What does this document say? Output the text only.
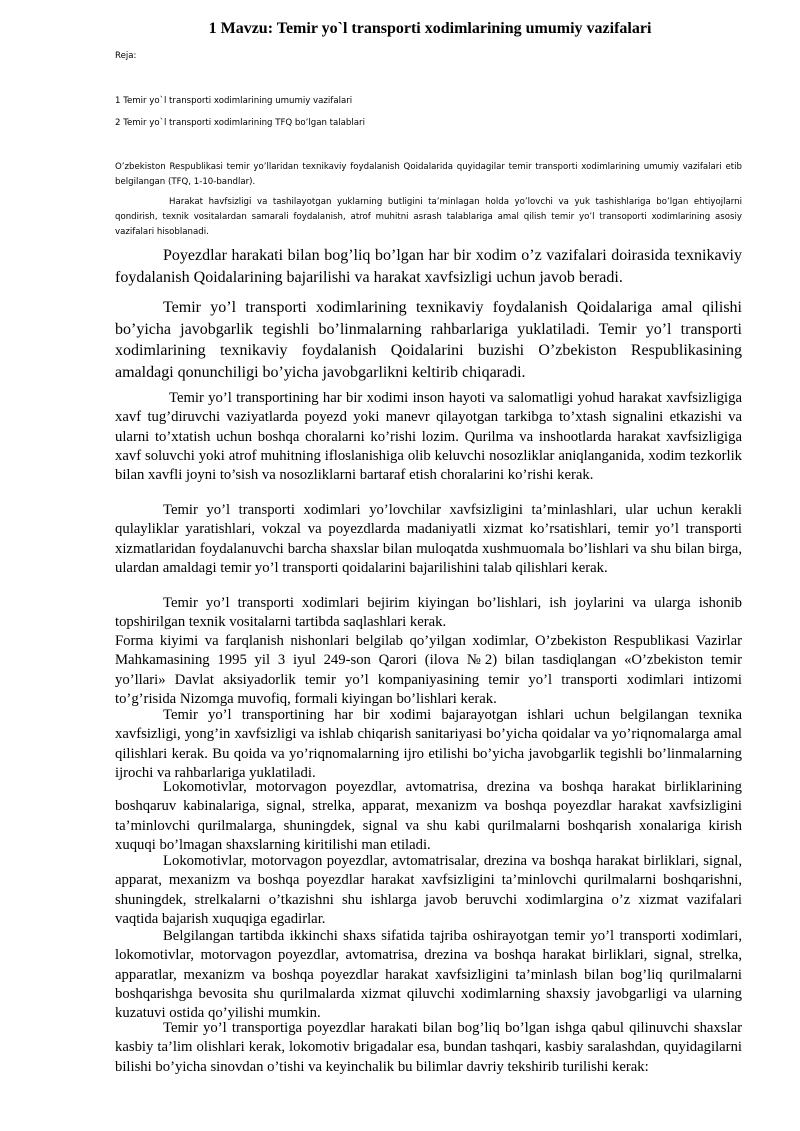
1 Mavzu: Temir yo`l transporti xodimlarining umumiy vazifalari
Reja:
1 Temir yo`l transporti xodimlarining umumiy vazifalari
2 Temir yo`l transporti xodimlarining TFQ bo’lgan talablari
O’zbekiston Respublikasi temir yo’llaridan texnikaviy foydalanish Qoidalarida quyidagilar temir transporti xodimlarining umumiy vazifalari etib belgilangan (TFQ, 1-10-bandlar).
Harakat havfsizligi va tashilayotgan yuklarning butligini ta’minlagan holda yo’lovchi va yuk tashishlariga bo’lgan ehtiyojlarni qondirish, texnik vositalardan samarali foydalanish, atrof muhitni asrash talablariga amal qilish temir yo’l transoporti xodimlarining asosiy vazifalari hisoblanadi.
Poyezdlar harakati bilan bog’liq bo’lgan har bir xodim o’z vazifalari doirasida texnikaviy foydalanish Qoidalarining bajarilishi va harakat xavfsizligi uchun javob beradi.
Temir yo’l transporti xodimlarining texnikaviy foydalanish Qoidalariga amal qilishi bo’yicha javobgarlik tegishli bo’linmalarning rahbarlariga yuklatiladi. Temir yo’l transporti xodimlarining texnikaviy foydalanish Qoidalarini buzishi O’zbekiston Respublikasining amaldagi qonunchiligi bo’yicha javobgarlikni keltirib chiqaradi.
Temir yo’l transportining har bir xodimi inson hayoti va salomatligi yohud harakat xavfsizligiga xavf tug’diruvchi vaziyatlarda poyezd yoki manevr qilayotgan tarkibga to’xtash signalini etkazishi va ularni to’xtatish uchun boshqa choralarni ko’rishi lozim. Qurilma va inshootlarda harakat xavfsizligiga xavf soluvchi yoki atrof muhitning ifloslanishiga olib keluvchi nosozliklar aniqlanganida, xodim tezkorlik bilan xavfli joyni to’sish va nosozliklarni bartaraf etish choralarini ko’rishi kerak.
Temir yo’l transporti xodimlari yo’lovchilar xavfsizligini ta’minlashlari, ular uchun kerakli qulayliklar yaratishlari, vokzal va poyezdlarda madaniyatli xizmat ko’rsatishlari, temir yo’l transporti xizmatlaridan foydalanuvchi barcha shaxslar bilan muloqatda xushmuomala bo’lishlari va shu bilan birga, ulardan amaldagi temir yo’l transporti qoidalarini bajarilishini talab qilishlari kerak.
Temir yo’l transporti xodimlari bejirim kiyingan bo’lishlari, ish joylarini va ularga ishonib topshirilgan texnik vositalarni tartibda saqlashlari kerak.
Forma kiyimi va farqlanish nishonlari belgilab qo’yilgan xodimlar, O’zbekiston Respublikasi Vazirlar Mahkamasining 1995 yil 3 iyul 249-son Qarori (ilova №2) bilan tasdiqlangan «O’zbekiston temir yo’llari» Davlat aksiyadorlik temir yo’l kompaniyasining temir yo’l transporti xodimlari intizomi to’g’risida Nizomga muvofiq, formali kiyingan bo’lishlari kerak.
Temir yo’l transportining har bir xodimi bajarayotgan ishlari uchun belgilangan texnika xavfsizligi, yong’in xavfsizligi va ishlab chiqarish sanitariyasi bo’yicha qoidalar va yo’riqnomalarga amal qilishlari kerak. Bu qoida va yo’riqnomalarning ijro etilishi bo’yicha javobgarlik tegishli bo’linmalarning ijrochi va rahbarlariga yuklatiladi.
Lokomotivlar, motorvagon poyezdlar, avtomatrisa, drezina va boshqa harakat birliklarining boshqaruv kabinalariga, signal, strelka, apparat, mexanizm va boshqa poyezdlar harakat xavfsizligini ta’minlovchi qurilmalarga, shuningdek, signal va shu kabi qurilmalarni boshqarish xonalariga kirish xuquqi bo’lmagan shaxslarning kiritilishi man etiladi.
Lokomotivlar, motorvagon poyezdlar, avtomatrisalar, drezina va boshqa harakat birliklari, signal, apparat, mexanizm va boshqa poyezdlar harakat xavfsizligini ta’minlovchi qurilmalarni boshqarishni, shuningdek, strelkalarni o’tkazishni shu ishlarga javob beruvchi xodimlargina o’z xizmat vazifalari vaqtida bajarish xuquqiga egadirlar.
Belgilangan tartibda ikkinchi shaxs sifatida tajriba oshirayotgan temir yo’l transporti xodimlari, lokomotivlar, motorvagon poyezdlar, avtomatrisa, drezina va boshqa harakat birliklari, signal, strelka, apparatlar, mexanizm va boshqa poyezdlar harakat xavfsizligini ta’minlash bilan bog’liq qurilmalarni boshqarishga bevosita shu qurilmalarda xizmat qiluvchi xodimlarning shaxsiy javobgarligi va ularning kuzatuvi ostida qo’yilishi mumkin.
Temir yo’l transportiga poyezdlar harakati bilan bog’liq bo’lgan ishga qabul qilinuvchi shaxslar kasbiy ta’lim olishlari kerak, lokomotiv brigadalar esa, bundan tashqari, kasbiy saralashdan, quyidagilarni bilishi bo’yicha sinovdan o’tishi va keyinchalik bu bilimlar davriy tekshirib turilishi kerak:
